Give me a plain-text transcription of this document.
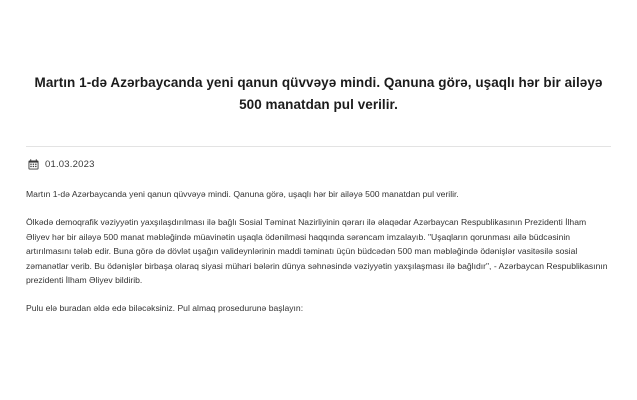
Martın 1-də Azərbaycanda yeni qanun qüvvəyə mindi. Qanuna görə, uşaqlı hər bir ailəyə 500 manatdan pul verilir.
01.03.2023

Martın 1-də Azərbaycanda yeni qanun qüvvəyə mindi. Qanuna görə, uşaqlı hər bir ailəyə 500 manatdan pul verilir.

Ölkədə demoqrafik vəziyyətin yaxşılaşdırılması ilə bağlı Sosial Təminat Nazirliyinin qərarı ilə əlaqədar Azərbaycan Respublikasının Prezidenti İlham Əliyev hər bir ailəyə 500 manat məbləğində müavinətin uşaqla ödənilməsi haqqında sərəncam imzalayıb. "Uşaqların qorunması ailə büdcəsinin artırılmasını tələb edir. Buna görə də dövlət uşağın valideynlərinin maddi təminatı üçün büdcədən 500 man məbləğində ödənişlər vasitəsilə sosial zəmanətlar verib. Bu ödənişlər birbaşa olaraq siyasi mühari bələrin dünya səhnəsində vəziyyətin yaxşılaşması ilə bağlıdır", - Azərbaycan Respublikasının prezidenti İlham Əliyev bildirib.

Pulu elə buradan əldə edə biləcəksiniz. Pul almaq prosedurunə başlayın:
